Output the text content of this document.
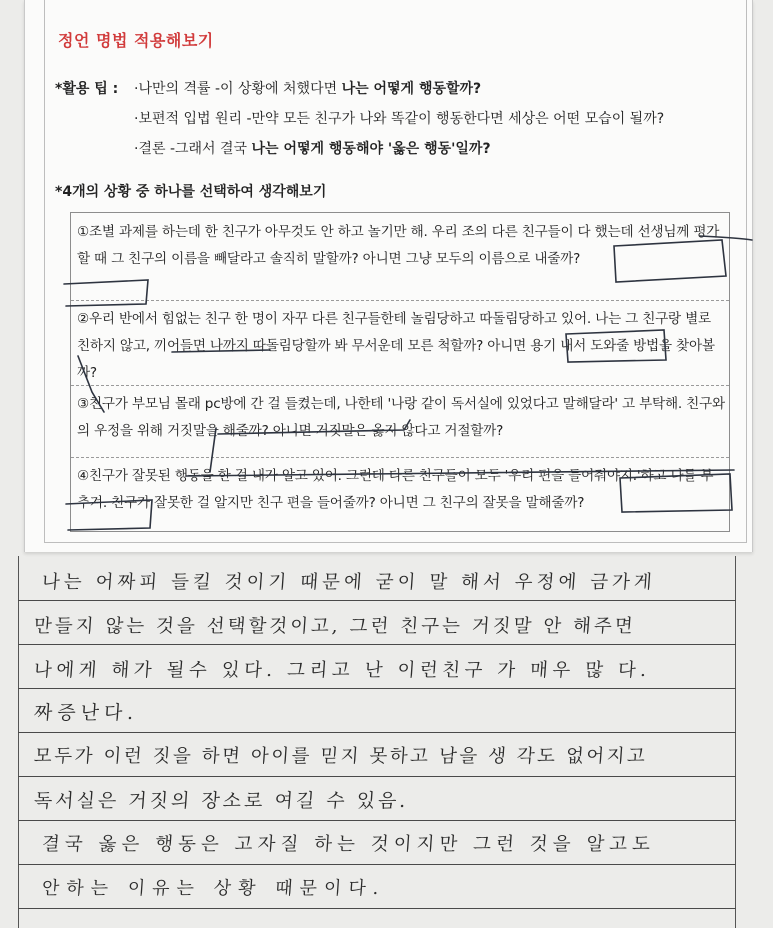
정언 명법 적용해보기
*활용 팁 : ·나만의 격률 -이 상황에 처했다면 나는 어떻게 행동할까?
·보편적 입법 원리 -만약 모든 친구가 나와 똑같이 행동한다면 세상은 어떤 모습이 될까?
·결론 -그래서 결국 나는 어떻게 행동해야 '옳은 행동'일까?
*4개의 상황 중 하나를 선택하여 생각해보기
①조별 과제를 하는데 한 친구가 아무것도 안 하고 놀기만 해. 우리 조의 다른 친구들이 다 했는데 선생님께 평가할 때 그 친구의 이름을 빼달라고 솔직히 말할까? 아니면 그냥 모두의 이름으로 내줄까?
②우리 반에서 힘없는 친구 한 명이 자꾸 다른 친구들한테 놀림당하고 따돌림당하고 있어. 나는 그 친구랑 별로 친하지 않고, 끼어들면 나까지 따돌림당할까 봐 무서운데 모른 척할까? 아니면 용기 내서 도와줄 방법을 찾아볼까?
③친구가 부모님 몰래 pc방에 간 걸 들켰는데, 나한테 '나랑 같이 독서실에 있었다고 말해달라' 고 부탁해. 친구와의 우정을 위해 거짓말을 해줄까? 아니면 거짓말은 옳지 않다고 거절할까?
④친구가 잘못된 행동을 한 걸 내가 알고 있어. 그런데 다른 친구들이 모두 '우리 편을 들어줘야지.'하고 나를 부추겨. 친구가 잘못한 걸 알지만 친구 편을 들어줄까? 아니면 그 친구의 잘못을 말해줄까?
나는 어짜피 들킬 것이기 때문에 굳이 말 해서 우정에 금가게
만들지 않는 것을 선택할것이고, 그런 친구는 거짓말 안 해주면
나에게 해가 될수 있다. 그리고 난 이런친구 가 매우 많 다.
짜증난다.
모두가 이런 짓을 하면 아이를 믿지 못하고 남을 생 각도 없어지고
독서실은 거짓의 장소로 여길 수 있음.
결국 옳은 행동은 고자질 하는 것이지만 그런 것을 알고도
안하는 이유는 상황 때문이다.
